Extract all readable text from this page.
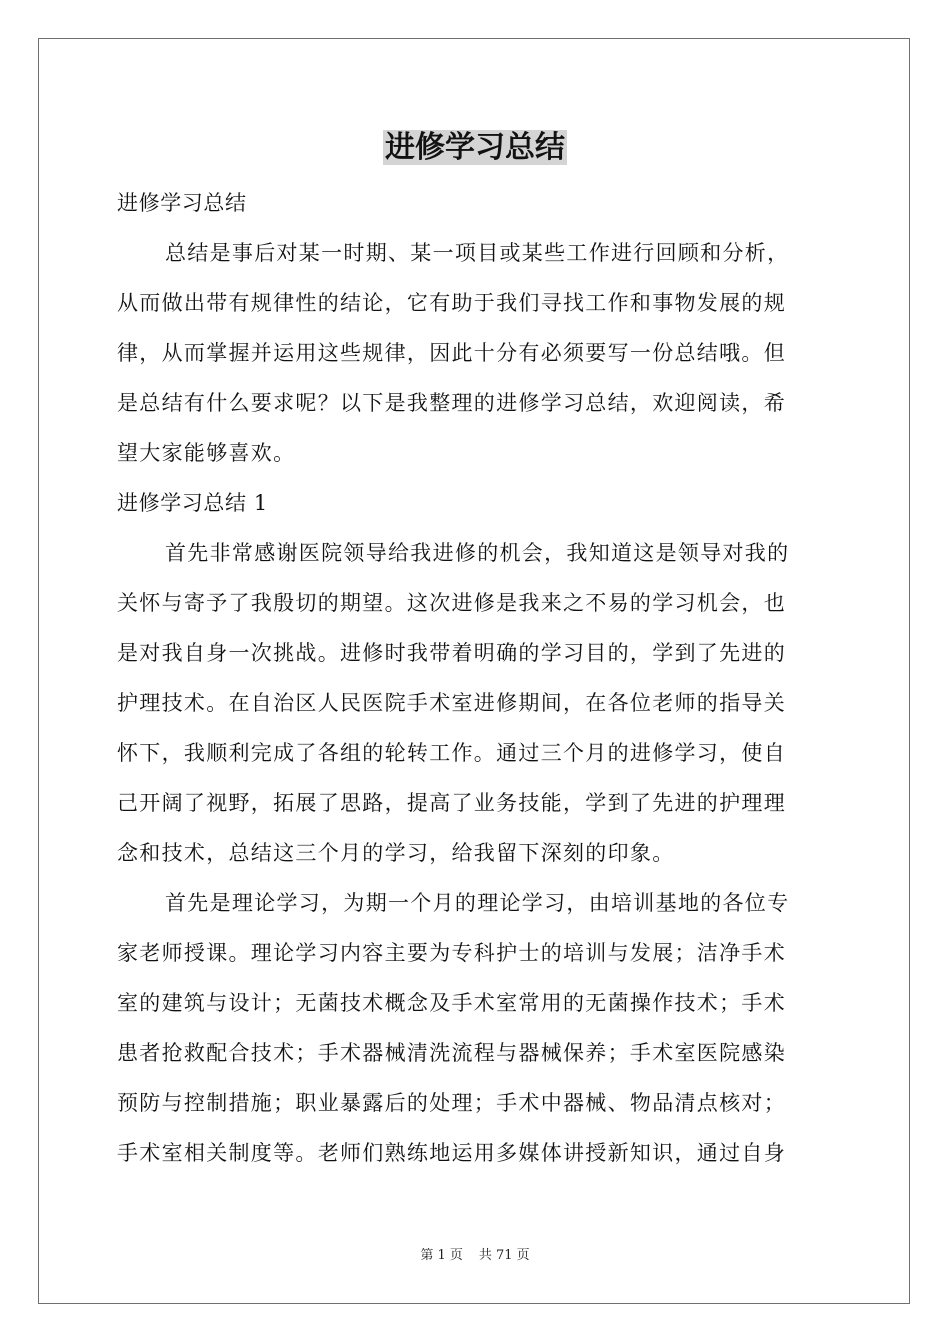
进修学习总结
进修学习总结
总结是事后对某一时期、某一项目或某些工作进行回顾和分析，
从而做出带有规律性的结论，它有助于我们寻找工作和事物发展的规
律，从而掌握并运用这些规律，因此十分有必须要写一份总结哦。但
是总结有什么要求呢？以下是我整理的进修学习总结，欢迎阅读，希
望大家能够喜欢。
进修学习总结 1
首先非常感谢医院领导给我进修的机会，我知道这是领导对我的
关怀与寄予了我殷切的期望。这次进修是我来之不易的学习机会，也
是对我自身一次挑战。进修时我带着明确的学习目的，学到了先进的
护理技术。在自治区人民医院手术室进修期间，在各位老师的指导关
怀下，我顺利完成了各组的轮转工作。通过三个月的进修学习，使自
己开阔了视野，拓展了思路，提高了业务技能，学到了先进的护理理
念和技术，总结这三个月的学习，给我留下深刻的印象。
首先是理论学习，为期一个月的理论学习，由培训基地的各位专
家老师授课。理论学习内容主要为专科护士的培训与发展；洁净手术
室的建筑与设计；无菌技术概念及手术室常用的无菌操作技术；手术
患者抢救配合技术；手术器械清洗流程与器械保养；手术室医院感染
预防与控制措施；职业暴露后的处理；手术中器械、物品清点核对；
手术室相关制度等。老师们熟练地运用多媒体讲授新知识，通过自身
第 1 页 共 71 页
